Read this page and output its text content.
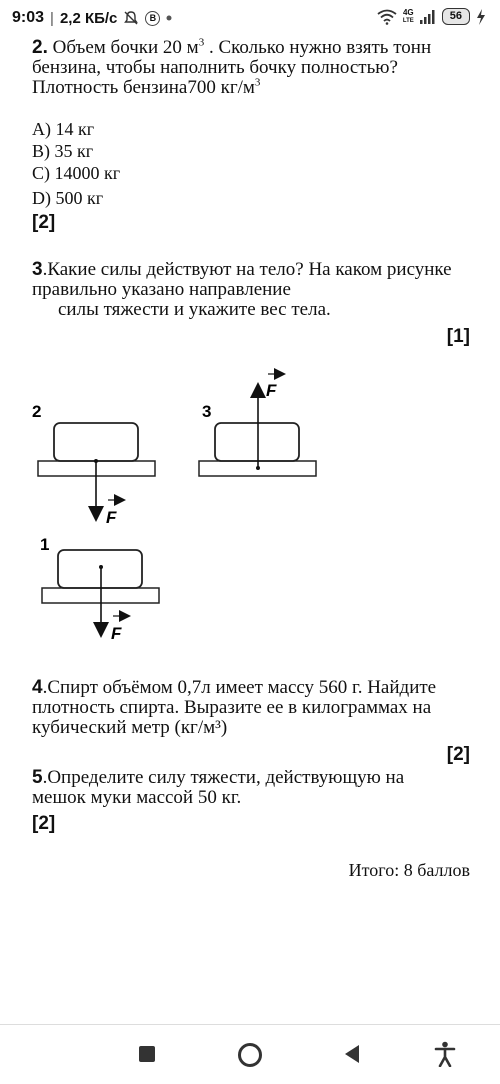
9:03 | 2,2 КБ/с	B
4G
LTE	56
2. Объем бочки 20 $м^3$ . Сколько нужно взять тонн
бензина, чтобы наполнить бочку полностью?
Плотность бензина700 $кг/м^3$
A) 14 кг
B) 35 кг
C) 14000 кг
D) 500 кг
[2]
3.Какие силы действуют на тело? На каком рисунке
правильно указано направление
силы тяжести и укажите вес тела.
[1]
2
F
3
F
1
F
4.Спирт объёмом 0,7л имеет массу 560 г. Найдите
плотность спирта. Выразите ее в килограммах на
кубический метр (кг/м³)
[2]
5.Определите силу тяжести, действующую на
мешок муки массой 50 кг.
[2]
Итого: 8 баллов
